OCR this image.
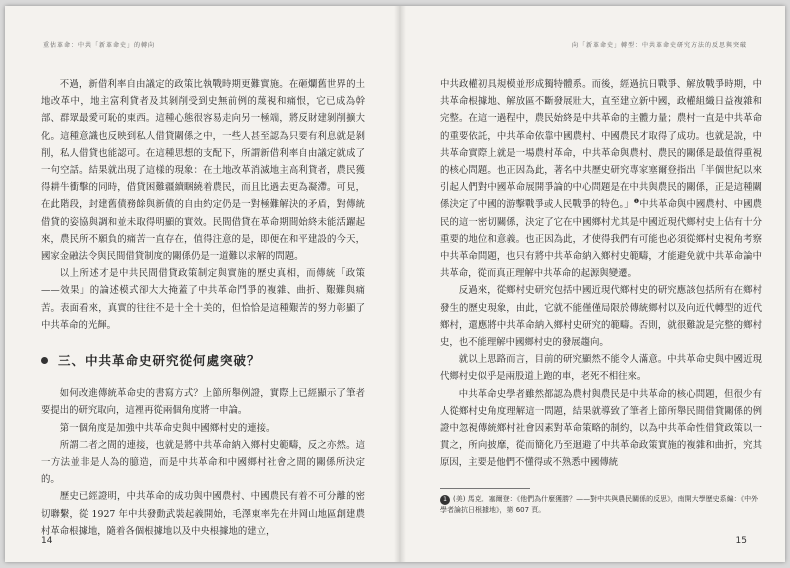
重估革命：中共「新革命史」的轉向

不過，新借利率自由議定的政策比執戰時期更難實施。在砸爛舊世界的土地改革中，地主富利貸者及其剝削受到史無前例的蔑視和痛恨，它已成為幹部、群眾最愛可恥的東西。這種心態很容易走向另一極端，將反財建剝削擴大化。這種意識也反映到私人借貸關係之中，一些人甚至認為只要有利息就是剝削，私人借貸也能認可。在這種思想的支配下，所謂新借利率自由議定就成了一句空話。結果就出現了這樣的現象：在土地改革消滅地主高利貸者，農民獲得耕牛衝擊的同時，借貸困難疆續睏繞着農民，而且比過去更為凝滯。可見，在此階段，封建舊債務餘與新債的自由約定仍是一對極難解決的矛盾，對傳統借貸的姿協與調和並未取得明顯的實效。民間借貸在革命期間始終未能活躍起來，農民所不願負的痛苦一直存在，值得注意的是，即便在和平建設的今天，國家金融法令與民間借貸制度的關係仍是一道難以求解的問題。

以上所述才是中共民間借貸政策制定與實施的歷史真相，而傳統「政策——效果」的論述模式卻大大掩蓋了中共革命鬥爭的複雜、曲折、艱難與痛苦。表面看來，真實的往往不是十全十美的，但恰恰是這種艱苦的努力彰顯了中共革命的光輝。

三、中共革命史研究從何處突破？

如何改進傳統革命史的書寫方式？上節所舉例證，實際上已經顯示了筆者要提出的研究取向，這裡再從兩個角度將一申論。

第一個角度是加強中共革命史與中國鄉村史的連接。

所謂二者之間的連接，也就是將中共革命納入鄉村史範疇，反之亦然。這一方法並非是人為的臆造，而是中共革命和中國鄉村社會之間的關係所決定的。

歷史已經證明，中共革命的成功與中國農村、中國農民有着不可分離的密切聯繫，從 1927 年中共發動武裝起義開始，毛澤東率先在井岡山地區創建農村革命根據地，隨着各個根據地以及中央根據地的建立，

14
向「新革命史」轉型：中共革命史研究方法的反思與突破

中共政權初具規模並形成獨特體系。而後，經過抗日戰爭、解放戰爭時期，中共革命根據地、解放區不斷發展壯大，直至建立新中國，政權組織日益複雜和完整。在這一過程中，農民始終是中共革命的主體力量；農村一直是中共革命的重要依託，中共革命依靠中國農村、中國農民才取得了成功。也就是說，中共革命實際上就是一場農村革命，中共革命與農村、農民的關係是最值得重視的核心問題。也正因為此，著名中共歷史研究專家塞爾登指出「半個世紀以來引起人們對中國革命展開爭論的中心問題是在中共與農民的關係，正是這種關係決定了中國的游擊戰爭或人民戰爭的特色。」$^❶$中共革命與中國農村、中國農民的這一密切關係，決定了它在中國鄉村尤其是中國近現代鄉村史上佔有十分重要的地位和意義。也正因為此，才使得我們有可能也必須從鄉村史視角考察中共革命問題，也只有將中共革命納入鄉村史範疇，才能避免就中共革命論中共革命，從而真正理解中共革命的起源與變遷。

反過來，從鄉村史研究包括中國近現代鄉村史的研究應該包括所有在鄉村發生的歷史現象，由此，它就不能僅僅局限於傳統鄉村以及向近代轉型的近代鄉村，還應將中共革命納入鄉村史研究的範疇。否則，就很難說是完整的鄉村史，也不能理解中國鄉村史的發展趨向。

就以上思路而言，目前的研究顯然不能令人滿意。中共革命史與中國近現代鄉村史似乎是兩股道上跑的車，老死不相往來。

中共革命史學者雖然都認為農村與農民是中共革命的核心問題，但很少有人從鄉村史角度理解這一問題，結果就導致了筆者上節所舉民間借貸關係的例證中忽視傳統鄉村社會因素對革命策略的制約，以為中共革命性借貸政策以一貫之，所向披靡，從而簡化乃至迴避了中共革命政策實施的複雜和曲折，究其原因，主要是他們不懂得或不熟悉中國傳統

1 (美) 馬克．塞爾登：《他們為什麼獲勝？——對中共與農民關係的反思》，南開大學歷史系編：《中外學者論抗日根據地》，第 607 頁。
15
